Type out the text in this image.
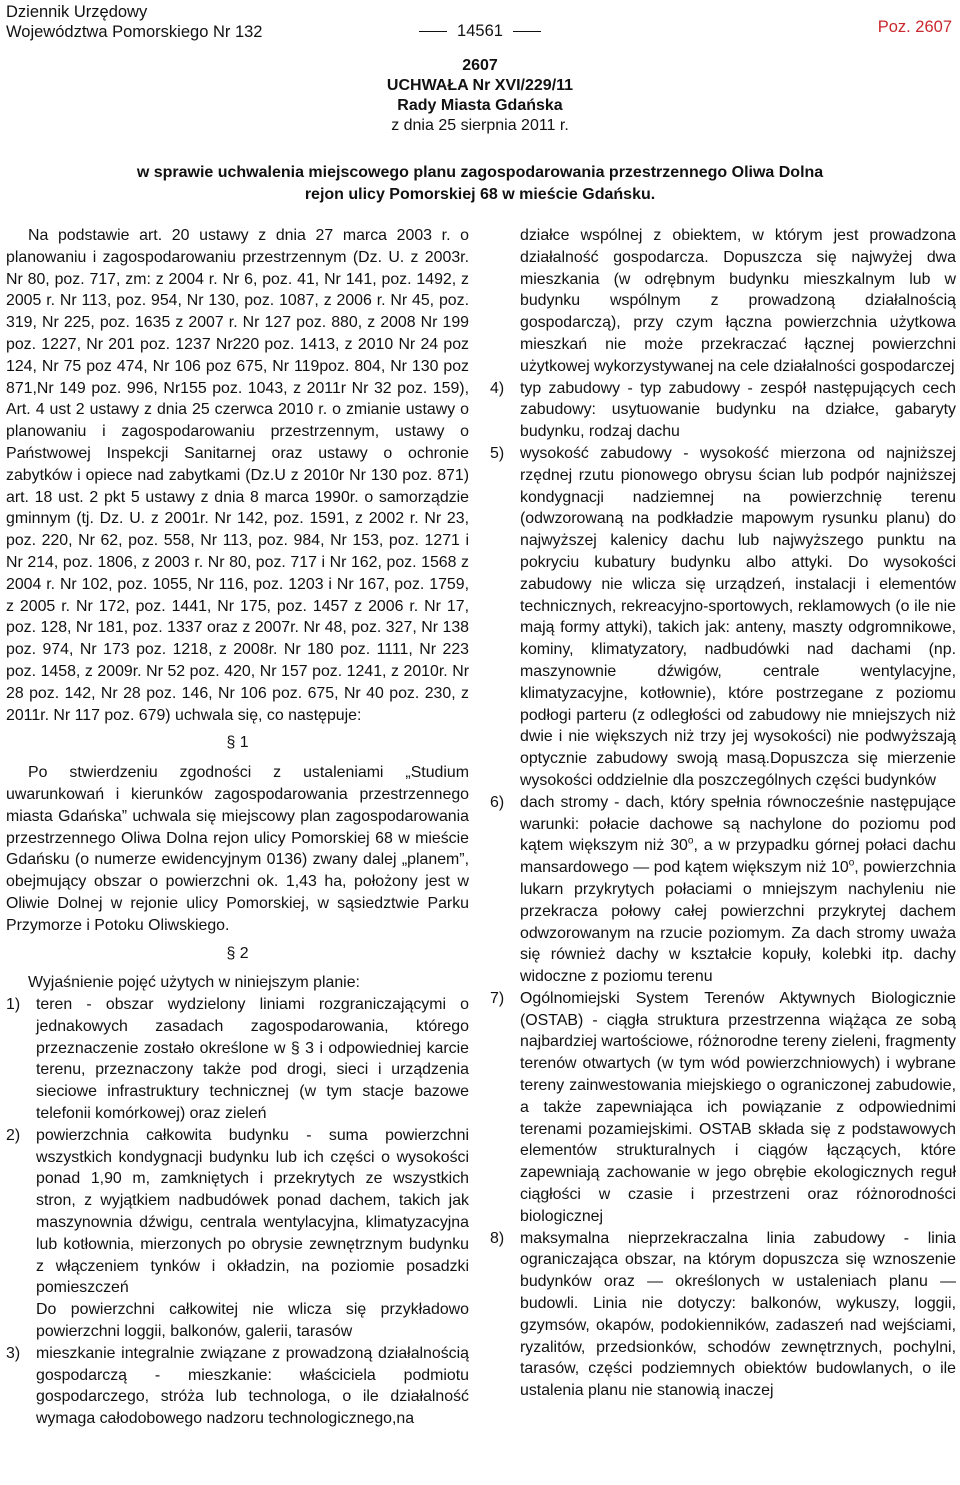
Dziennik Urzędowy
Województwa Pomorskiego Nr 132	14561	Poz. 2607
2607
UCHWAŁA Nr XVI/229/11
Rady Miasta Gdańska
z dnia 25 sierpnia 2011 r.
w sprawie uchwalenia miejscowego planu zagospodarowania przestrzennego Oliwa Dolna
rejon ulicy Pomorskiej 68 w mieście Gdańsku.

Na podstawie art. 20 ustawy z dnia 27 marca 2003 r. o planowaniu i zagospodarowaniu przestrzennym (Dz. U. z 2003r. Nr 80, poz. 717, zm: z 2004 r. Nr 6, poz. 41, Nr 141, poz. 1492, z 2005 r. Nr 113, poz. 954, Nr 130, poz. 1087, z 2006 r. Nr 45, poz. 319, Nr 225, poz. 1635 z 2007 r. Nr 127 poz. 880, z 2008 Nr 199 poz. 1227, Nr 201 poz. 1237 Nr220 poz. 1413, z 2010 Nr 24 poz 124, Nr 75 poz 474, Nr 106 poz 675, Nr 119poz. 804, Nr 130 poz 871,Nr 149 poz. 996, Nr155 poz. 1043, z 2011r Nr 32 poz. 159), Art. 4 ust 2 ustawy z dnia 25 czerwca 2010 r. o zmianie ustawy o planowaniu i zagospodarowaniu przestrzennym, ustawy o Państwowej Inspekcji Sanitarnej oraz ustawy o ochronie zabytków i opiece nad zabytkami (Dz.U z 2010r Nr 130 poz. 871) art. 18 ust. 2 pkt 5 ustawy z dnia 8 marca 1990r. o samorządzie gminnym (tj. Dz. U. z 2001r. Nr 142, poz. 1591, z 2002 r. Nr 23, poz. 220, Nr 62, poz. 558, Nr 113, poz. 984, Nr 153, poz. 1271 i Nr 214, poz. 1806, z 2003 r. Nr 80, poz. 717 i Nr 162, poz. 1568 z 2004 r. Nr 102, poz. 1055, Nr 116, poz. 1203 i Nr 167, poz. 1759, z 2005 r. Nr 172, poz. 1441, Nr 175, poz. 1457 z 2006 r. Nr 17, poz. 128, Nr 181, poz. 1337 oraz z 2007r. Nr 48, poz. 327, Nr 138 poz. 974, Nr 173 poz. 1218, z 2008r. Nr 180 poz. 1111, Nr 223 poz. 1458, z 2009r. Nr 52 poz. 420, Nr 157 poz. 1241, z 2010r. Nr 28 poz. 142, Nr 28 poz. 146, Nr 106 poz. 675, Nr 40 poz. 230, z 2011r. Nr 117 poz. 679) uchwala się, co następuje:

§ 1

Po stwierdzeniu zgodności z ustaleniami „Studium uwarunkowań i kierunków zagospodarowania przestrzennego miasta Gdańska” uchwala się miejscowy plan zagospodarowania przestrzennego Oliwa Dolna rejon ulicy Pomorskiej 68 w mieście Gdańsku (o numerze ewidencyjnym 0136) zwany dalej „planem”, obejmujący obszar o powierzchni ok. 1,43 ha, położony jest w Oliwie Dolnej w rejonie ulicy Pomorskiej, w sąsiedztwie Parku Przymorze i Potoku Oliwskiego.

§ 2

Wyjaśnienie pojęć użytych w niniejszym planie:

1) teren - obszar wydzielony liniami rozgraniczającymi o jednakowych zasadach zagospodarowania, którego przeznaczenie zostało określone w § 3 i odpowiedniej karcie terenu, przeznaczony także pod drogi, sieci i urządzenia sieciowe infrastruktury technicznej (w tym stacje bazowe telefonii komórkowej) oraz zieleń
2) powierzchnia całkowita budynku - suma powierzchni wszystkich kondygnacji budynku lub ich części o wysokości ponad 1,90 m, zamkniętych i przekrytych ze wszystkich stron, z wyjątkiem nadbudówek ponad dachem, takich jak maszynownia dźwigu, centrala wentylacyjna, klimatyzacyjna lub kotłownia, mierzonych po obrysie zewnętrznym budynku z włączeniem tynków i okładzin, na poziomie posadzki pomieszczeń
Do powierzchni całkowitej nie wlicza się przykładowo powierzchni loggii, balkonów, galerii, tarasów
3) mieszkanie integralnie związane z prowadzoną działalnością gospodarczą - mieszkanie: właściciela podmiotu gospodarczego, stróża lub technologa, o ile działalność wymaga całodobowego nadzoru technologicznego,na

działce wspólnej z obiektem, w którym jest prowadzona działalność gospodarcza. Dopuszcza się najwyżej dwa mieszkania (w odrębnym budynku mieszkalnym lub w budynku wspólnym z prowadzoną działalnością gospodarczą), przy czym łączna powierzchnia użytkowa mieszkań nie może przekraczać łącznej powierzchni użytkowej wykorzystywanej na cele działalności gospodarczej

4) typ zabudowy - typ zabudowy - zespół następujących cech zabudowy: usytuowanie budynku na działce, gabaryty budynku, rodzaj dachu
5) wysokość zabudowy - wysokość mierzona od najniższej rzędnej rzutu pionowego obrysu ścian lub podpór najniższej kondygnacji nadziemnej na powierzchnię terenu (odwzorowaną na podkładzie mapowym rysunku planu) do najwyższej kalenicy dachu lub najwyższego punktu na pokryciu kubatury budynku albo attyki. Do wysokości zabudowy nie wlicza się urządzeń, instalacji i elementów technicznych, rekreacyjno-sportowych, reklamowych (o ile nie mają formy attyki), takich jak: anteny, maszty odgromnikowe, kominy, klimatyzatory, nadbudówki nad dachami (np. maszynownie dźwigów, centrale wentylacyjne, klimatyzacyjne, kotłownie), które postrzegane z poziomu podłogi parteru (z odległości od zabudowy nie mniejszych niż dwie i nie większych niż trzy jej wysokości) nie podwyższają optycznie zabudowy swoją masą.Dopuszcza się mierzenie wysokości oddzielnie dla poszczególnych części budynków
6) dach stromy - dach, który spełnia równocześnie następujące warunki: połacie dachowe są nachylone do poziomu pod kątem większym niż 30$^o$, a w przypadku górnej połaci dachu mansardowego — pod kątem większym niż 10$^o$, powierzchnia lukarn przykrytych połaciami o mniejszym nachyleniu nie przekracza połowy całej powierzchni przykrytej dachem odwzorowanym na rzucie poziomym. Za dach stromy uważa się również dachy w kształcie kopuły, kolebki itp. dachy widoczne z poziomu terenu
7) Ogólnomiejski System Terenów Aktywnych Biologicznie (OSTAB) - ciągła struktura przestrzenna wiążąca ze sobą najbardziej wartościowe, różnorodne tereny zieleni, fragmenty terenów otwartych (w tym wód powierzchniowych) i wybrane tereny zainwestowania miejskiego o ograniczonej zabudowie, a także zapewniająca ich powiązanie z odpowiednimi terenami pozamiejskimi. OSTAB składa się z podstawowych elementów strukturalnych i ciągów łączących, które zapewniają zachowanie w jego obrębie ekologicznych reguł ciągłości w czasie i przestrzeni oraz różnorodności biologicznej
8) maksymalna nieprzekraczalna linia zabudowy - linia ograniczająca obszar, na którym dopuszcza się wznoszenie budynków oraz — określonych w ustaleniach planu — budowli. Linia nie dotyczy: balkonów, wykuszy, loggii, gzymsów, okapów, podokienników, zadaszeń nad wejściami, ryzalitów, przedsionków, schodów zewnętrznych, pochylni, tarasów, części podziemnych obiektów budowlanych, o ile ustalenia planu nie stanowią inaczej
